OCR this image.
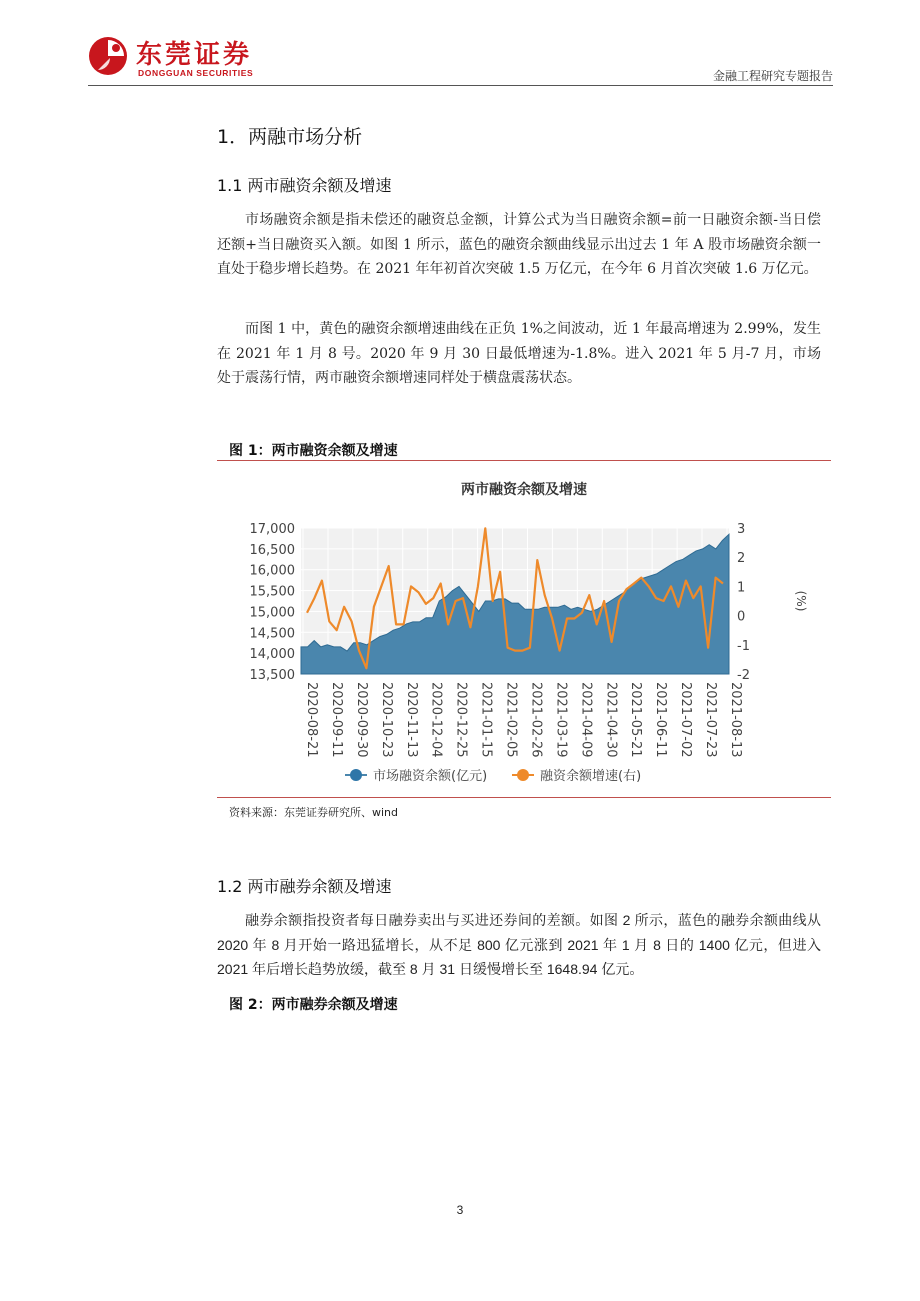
东莞证券
DONGGUAN SECURITIES	金融工程研究专题报告
1．两融市场分析
1.1 两市融资余额及增速

市场融资余额是指未偿还的融资总金额，计算公式为当日融资余额=前一日融资余额-当日偿还额+当日融资买入额。如图 1 所示，蓝色的融资余额曲线显示出过去 1 年 A 股市场融资余额一直处于稳步增长趋势。在 2021 年年初首次突破 1.5 万亿元，在今年 6 月首次突破 1.6 万亿元。

而图 1 中，黄色的融资余额增速曲线在正负 1%之间波动，近 1 年最高增速为 2.99%，发生在 2021 年 1 月 8 号。2020 年 9 月 30 日最低增速为-1.8%。进入 2021 年 5 月-7 月，市场处于震荡行情，两市融资余额增速同样处于横盘震荡状态。

图 1：两市融资余额及增速
两市融资余额及增速
17,000
16,500
16,000
15,500
15,000
14,500
14,000
13,500
3
2
1
0
-1
-2
(%)
2020-08-21 2020-09-11 2020-09-30 2020-10-23 2020-11-13 2020-12-04 2020-12-25 2021-01-15 2021-02-05 2021-02-26 2021-03-19 2021-04-09 2021-04-30 2021-05-21 2021-06-11 2021-07-02 2021-07-23 2021-08-13
市场融资余额(亿元)	融资余额增速(右)
资料来源：东莞证券研究所、wind
1.2 两市融券余额及增速

融券余额指投资者每日融券卖出与买进还券间的差额。如图 2 所示，蓝色的融券余额曲线从 2020 年 8 月开始一路迅猛增长，从不足 800 亿元涨到 2021 年 1 月 8 日的 1400 亿元，但进入 2021 年后增长趋势放缓，截至 8 月 31 日缓慢增长至 1648.94 亿元。

图 2：两市融券余额及增速
3
